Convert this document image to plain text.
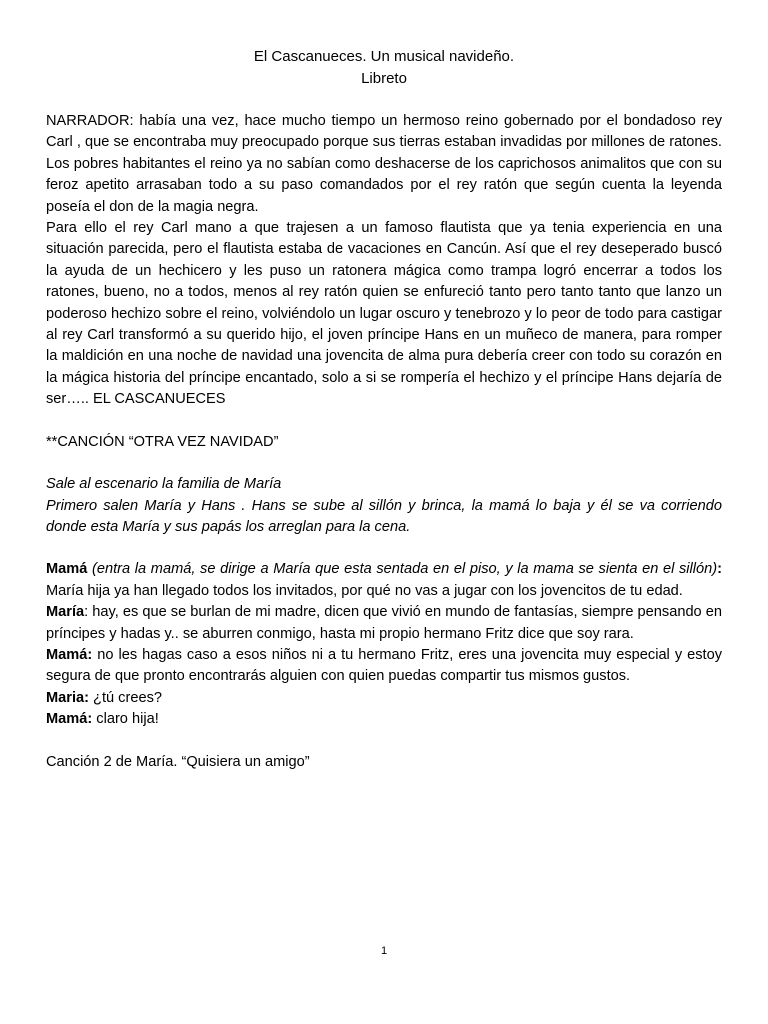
El Cascanueces. Un musical navideño.
Libreto

NARRADOR: había una vez, hace mucho tiempo un hermoso reino gobernado por el bondadoso rey Carl , que se encontraba muy preocupado porque sus tierras estaban invadidas por millones de ratones. Los pobres habitantes el reino ya no sabían como deshacerse de los caprichosos animalitos que con su feroz apetito arrasaban todo a su paso comandados por el rey ratón que según cuenta la leyenda poseía el don de la magia negra.

Para ello el rey Carl mano a que trajesen a un famoso flautista que ya tenia experiencia en una situación parecida, pero el flautista estaba de vacaciones en Cancún. Así que el rey deseperado buscó la ayuda de un hechicero y les puso un ratonera mágica como trampa logró encerrar a todos los ratones, bueno, no a todos, menos al rey ratón quien se enfureció tanto pero tanto tanto que lanzo un poderoso hechizo sobre el reino, volviéndolo un lugar oscuro y tenebrozo y lo peor de todo para castigar al rey Carl transformó a su querido hijo, el joven príncipe Hans en un muñeco de manera, para romper la maldición en una noche de navidad una jovencita de alma pura debería creer con todo su corazón en la mágica historia del príncipe encantado, solo a si se rompería el hechizo y el príncipe Hans dejaría de ser….. EL CASCANUECES

**CANCIÓN “OTRA VEZ NAVIDAD”

Sale al escenario la familia de María

Primero salen María y Hans . Hans se sube al sillón y brinca, la mamá lo baja y él se va corriendo donde esta María y sus papás los arreglan para la cena.

Mamá (entra la mamá, se dirige a María que esta sentada en el piso, y la mama se sienta en el sillón): María hija ya han llegado todos los invitados, por qué no vas a jugar con los jovencitos de tu edad.

María: hay, es que se burlan de mi madre, dicen que vivió en mundo de fantasías, siempre pensando en príncipes y hadas y.. se aburren conmigo, hasta mi propio hermano Fritz dice que soy rara.

Mamá: no les hagas caso a esos niños ni a tu hermano Fritz, eres una jovencita muy especial y estoy segura de que pronto encontrarás alguien con quien puedas compartir tus mismos gustos.

Maria: ¿tú crees?

Mamá: claro hija!

Canción 2 de María. “Quisiera un amigo”

1
